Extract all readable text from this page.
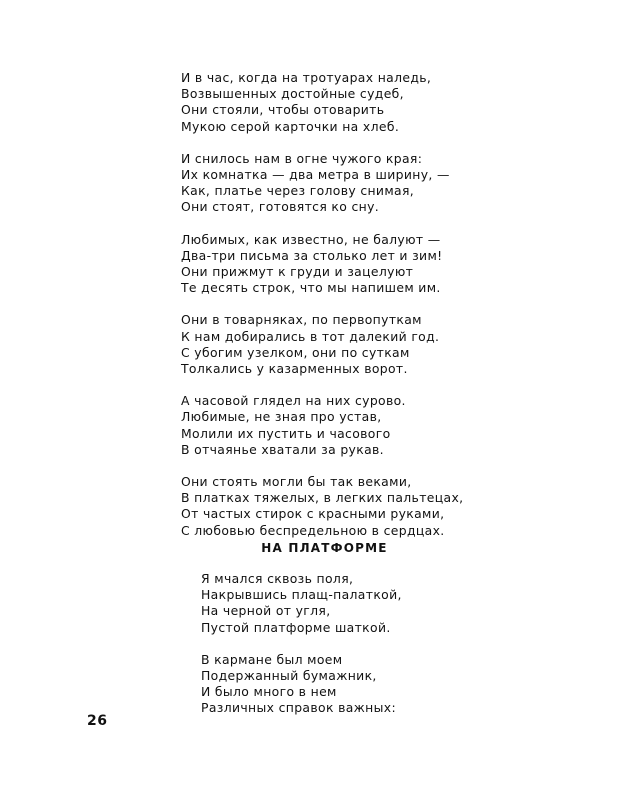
И в час, когда на тротуарах наледь,
Возвышенных достойные судеб,
Они стояли, чтобы отоварить
Мукою серой карточки на хлеб.
И снилось нам в огне чужого края:
Их комнатка — два метра в ширину, —
Как, платье через голову снимая,
Они стоят, готовятся ко сну.
Любимых, как известно, не балуют —
Два-три письма за столько лет и зим!
Они прижмут к груди и зацелуют
Те десять строк, что мы напишем им.
Они в товарняках, по первопуткам
К нам добирались в тот далекий год.
С убогим узелком, они по суткам
Толкались у казарменных ворот.
А часовой глядел на них сурово.
Любимые, не зная про устав,
Молили их пустить и часового
В отчаянье хватали за рукав.
Они стоять могли бы так веками,
В платках тяжелых, в легких пальтецах,
От частых стирок с красными руками,
С любовью беспредельною в сердцах.
НА ПЛАТФОРМЕ
Я мчался сквозь поля,
Накрывшись плащ-палаткой,
На черной от угля,
Пустой платформе шаткой.
В кармане был моем
Подержанный бумажник,
И было много в нем
Различных справок важных:
26
